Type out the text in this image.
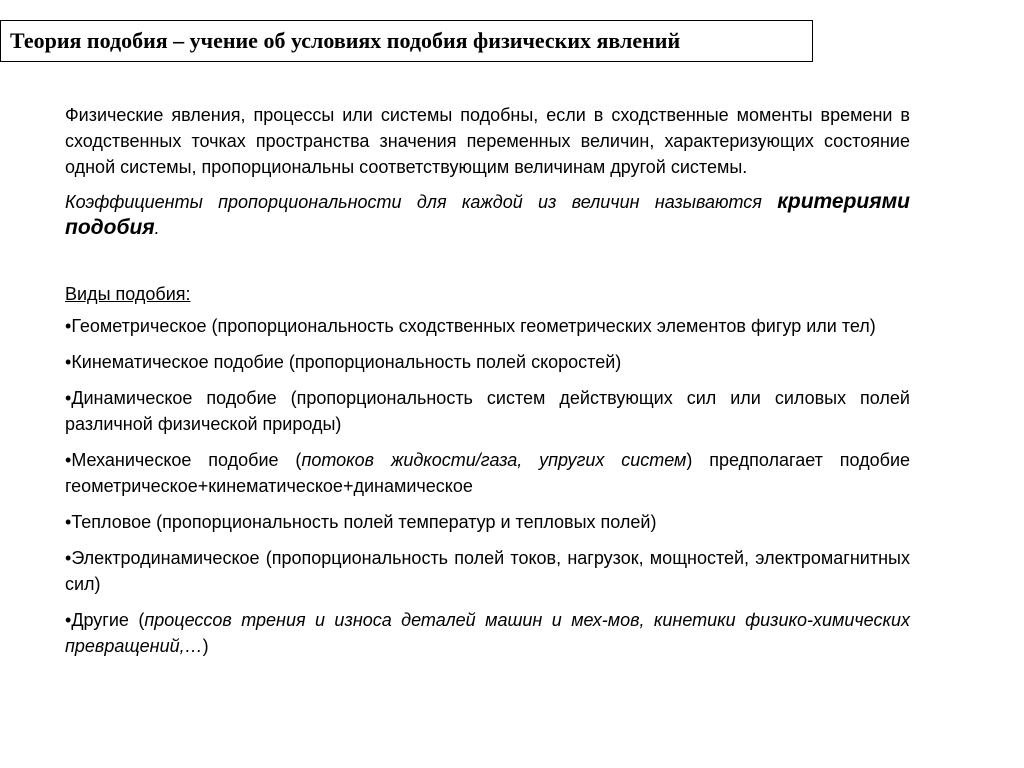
Теория подобия – учение об условиях подобия физических явлений

Физические явления, процессы или системы подобны, если в сходственные моменты времени в сходственных точках пространства значения переменных величин, характеризующих состояние одной системы, пропорциональны соответствующим величинам другой системы.

Коэффициенты пропорциональности для каждой из величин называются критериями подобия.

Виды подобия:
•Геометрическое (пропорциональность сходственных геометрических элементов фигур или тел)
•Кинематическое подобие (пропорциональность полей скоростей)
•Динамическое подобие (пропорциональность систем действующих сил или силовых полей различной физической природы)
•Механическое подобие (потоков жидкости/газа, упругих систем) предполагает подобие геометрическое+кинематическое+динамическое
•Тепловое (пропорциональность полей температур и тепловых полей)
•Электродинамическое (пропорциональность полей токов, нагрузок, мощностей, электромагнитных сил)
•Другие (процессов трения и износа деталей машин и мех-мов, кинетики физико-химических превращений,…)
